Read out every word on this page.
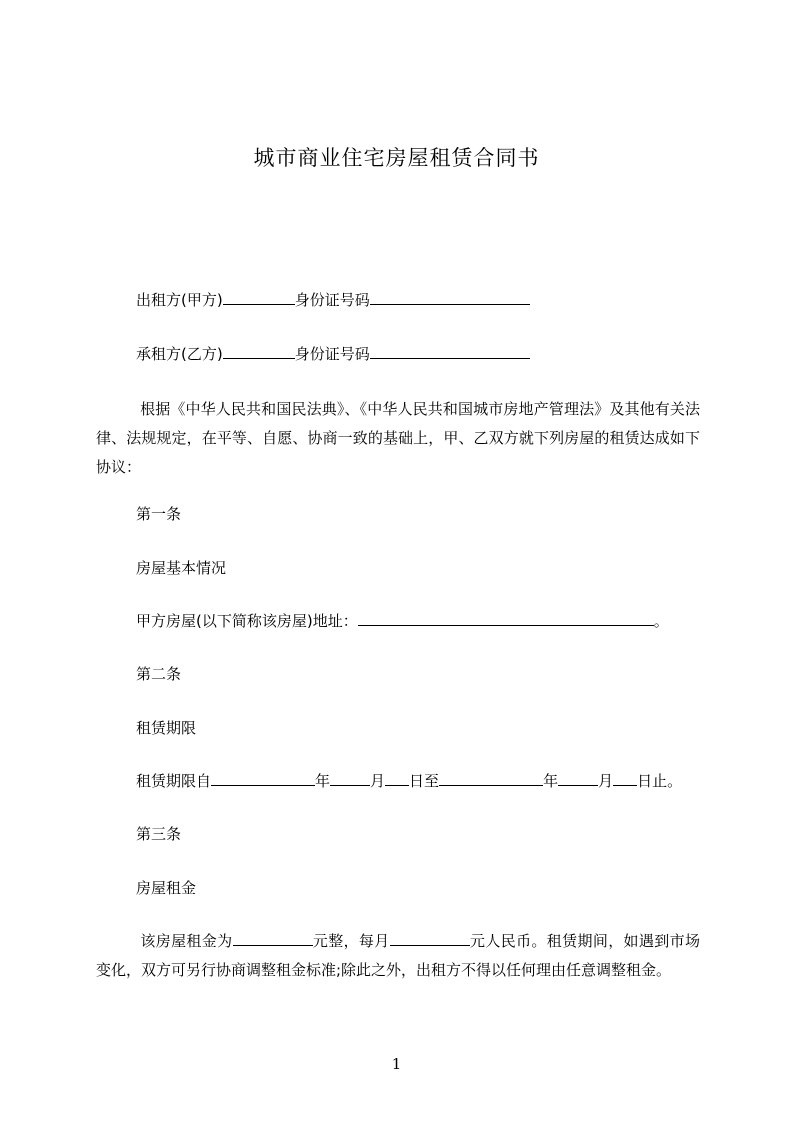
城市商业住宅房屋租赁合同书
出租方(甲方)	身份证号码
承租方(乙方)	身份证号码
根据《中华人民共和国民法典》、《中华人民共和国城市房地产管理法》及其他有关法律、法规规定，在平等、自愿、协商一致的基础上，甲、乙双方就下列房屋的租赁达成如下协议：
第一条
房屋基本情况
甲方房屋(以下简称该房屋)地址：	。
第二条
租赁期限
租赁期限自	年	月 日至	年	月 日止。
第三条
房屋租金
该房屋租金为	元整，每月	元人民币。租赁期间，如遇到市场变化，双方可另行协商调整租金标准;除此之外，出租方不得以任何理由任意调整租金。
1
